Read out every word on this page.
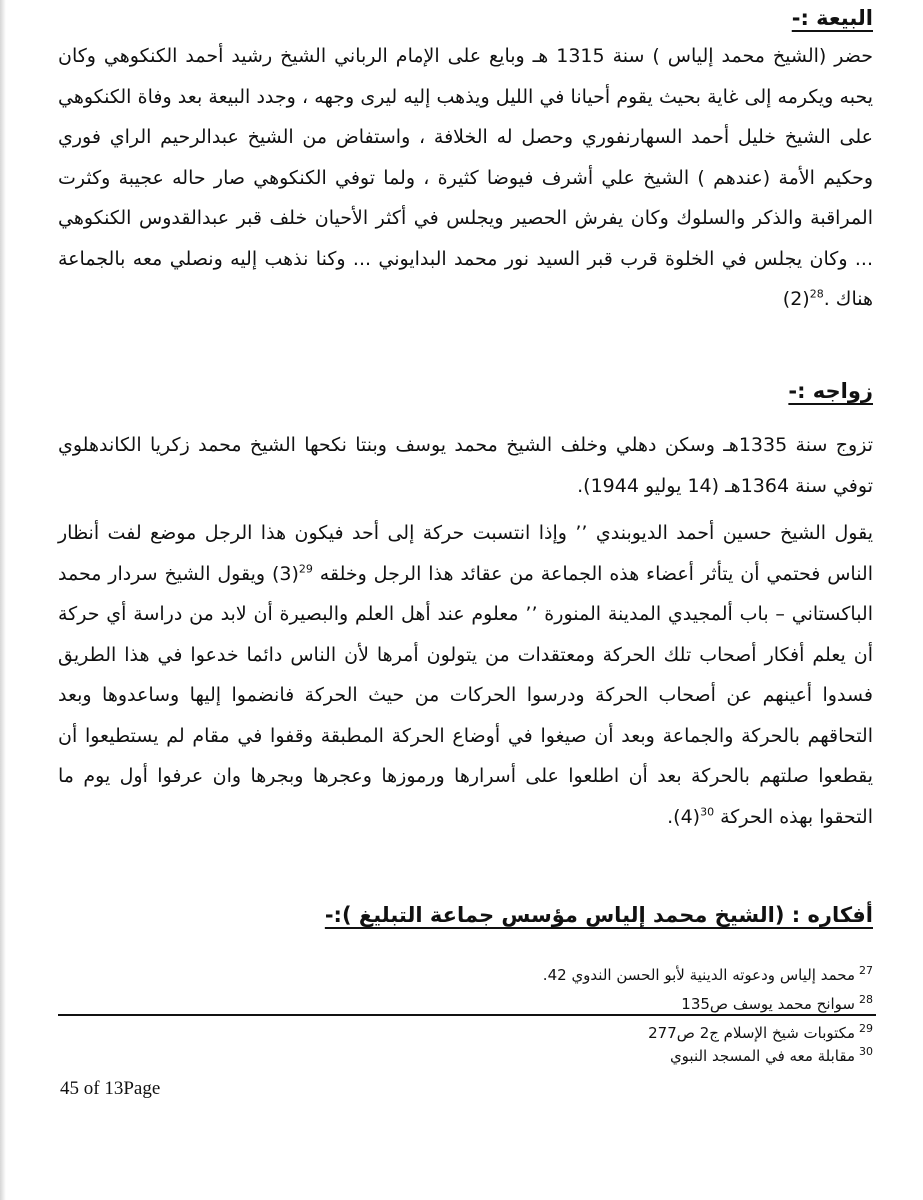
البيعة :-

حضر (الشيخ محمد إلياس ) سنة 1315 هـ وبايع على الإمام الرباني الشيخ رشيد أحمد الكنكوهي وكان يحبه ويكرمه إلى غاية بحيث يقوم أحيانا في الليل ويذهب إليه ليرى وجهه ، وجدد البيعة بعد وفاة الكنكوهي على الشيخ خليل أحمد السهارنفوري وحصل له الخلافة ، واستفاض من الشيخ عبدالرحيم الراي فوري وحكيم الأمة (عندهم ) الشيخ علي أشرف فيوضا كثيرة ، ولما توفي الكنكوهي صار حاله عجيبة وكثرت المراقبة والذكر والسلوك وكان يفرش الحصير ويجلس في أكثر الأحيان خلف قبر عبدالقدوس الكنكوهي ... وكان يجلس في الخلوة قرب قبر السيد نور محمد البدايوني ... وكنا نذهب إليه ونصلي معه بالجماعة هناك .$^{28}$(2)

زواجه :-

تزوج سنة 1335هـ وسكن دهلي وخلف الشيخ محمد يوسف وبنتا نكحها الشيخ محمد زكريا الكاندهلوي توفي سنة 1364هـ (14 يوليو 1944).

يقول الشيخ حسين أحمد الديوبندي ’’ وإذا انتسبت حركة إلى أحد فيكون هذا الرجل موضع لفت أنظار الناس فحتمي أن يتأثر أعضاء هذه الجماعة من عقائد هذا الرجل وخلقه $^{29}$(3) ويقول الشيخ سردار محمد الباكستاني – باب ألمجيدي المدينة المنورة ’’ معلوم عند أهل العلم والبصيرة أن لابد من دراسة أي حركة أن يعلم أفكار أصحاب تلك الحركة ومعتقدات من يتولون أمرها لأن الناس دائما خدعوا في هذا الطريق فسدوا أعينهم عن أصحاب الحركة ودرسوا الحركات من حيث الحركة فانضموا إليها وساعدوها وبعد التحاقهم بالحركة والجماعة وبعد أن صيغوا في أوضاع الحركة المطبقة وقفوا في مقام لم يستطيعوا أن يقطعوا صلتهم بالحركة بعد أن اطلعوا على أسرارها ورموزها وعجرها وبجرها وان عرفوا أول يوم ما التحقوا بهذه الحركة $^{30}$(4).

أفكاره : (الشيخ محمد إلياس مؤسس جماعة التبليغ ):-
$^{27}$محمد إلياس ودعوته الدينية لأبو الحسن الندوي 42.
$^{28}$سوانح محمد يوسف ص135
$^{29}$مكتوبات شيخ الإسلام ج2 ص277
$^{30}$مقابلة معه في المسجد النبوي
45 of 13Page
